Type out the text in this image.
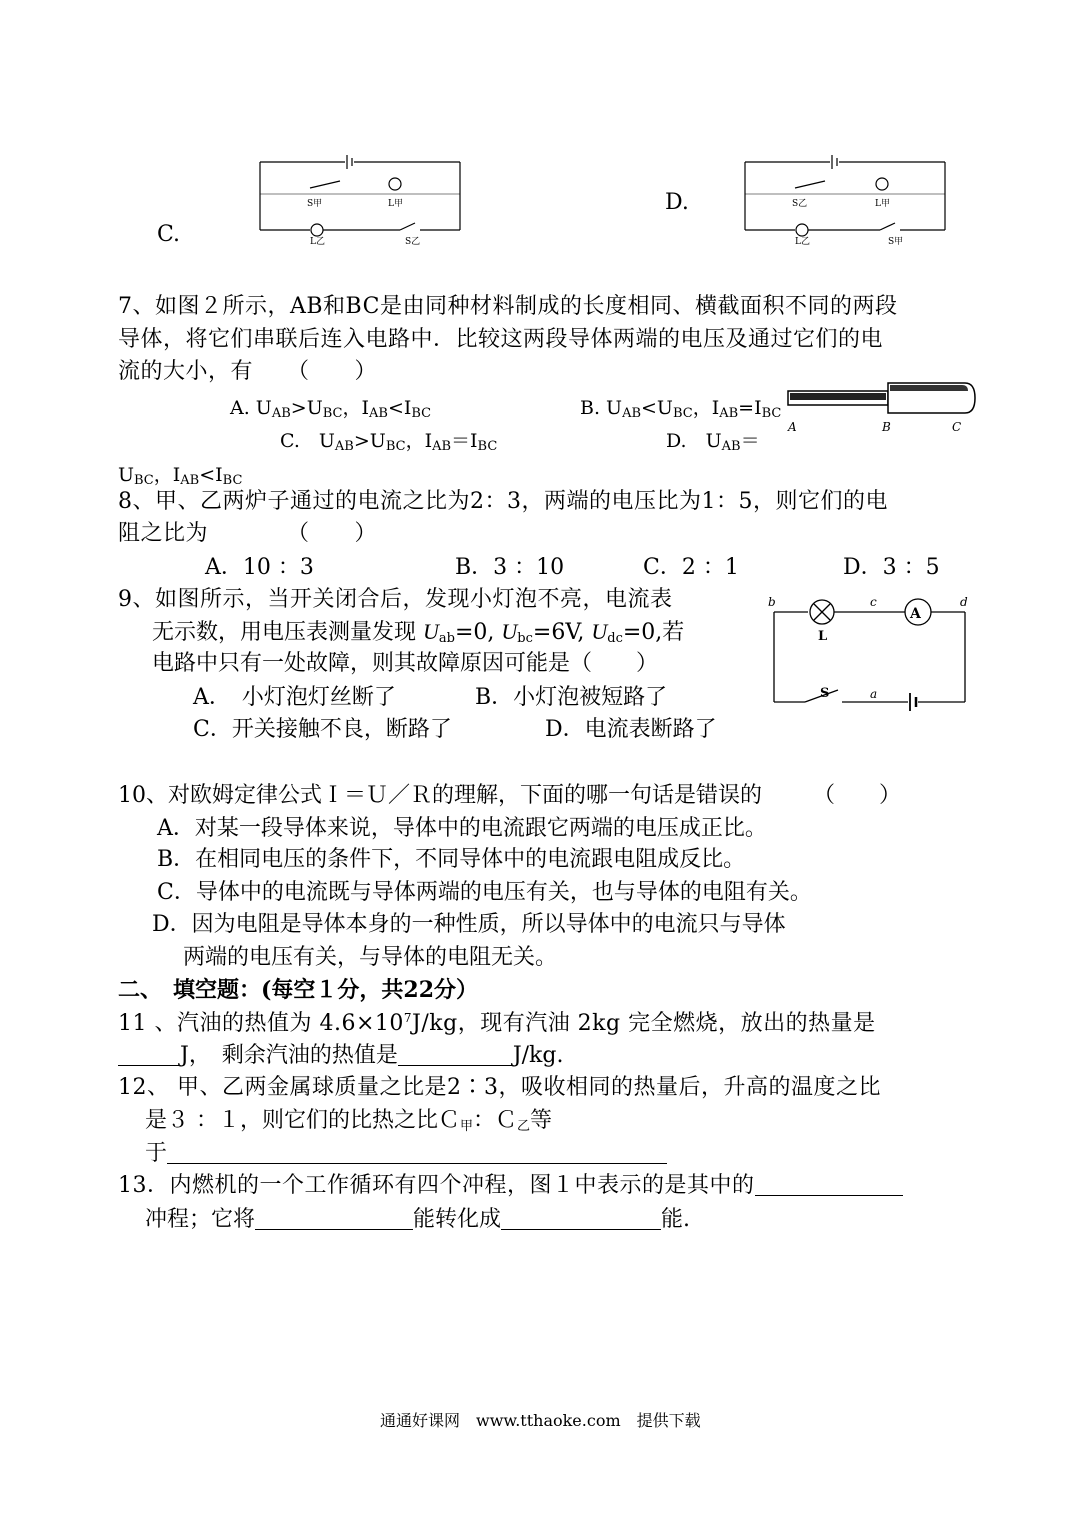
C.
S甲	L甲
L乙	S乙
D.	S乙	L甲
L乙	S甲
7、如图２所示，AB和BC是由同种材料制成的长度相同、横截面积不同的两段
导体，将它们串联后连入电路中．比较这两段导体两端的电压及通过它们的电
流的大小，有　　（　　）
A. UAB>UBC，IAB<IBC	B. UAB<UBC，IAB=IBC
C.　UAB>UBC，IAB＝IBC	D.　UAB＝
UBC，IAB<IBC
A	B	C
8、甲、乙两炉子通过的电流之比为2：3，两端的电压比为1：5，则它们的电
阻之比为　　　　（　　）
A．10 ：3	B．3 ：10	C．2 ：1	D．3 ：5
9、如图所示，当开关闭合后，发现小灯泡不亮，电流表
无示数，用电压表测量发现 Uab=0, Ubc=6V, Udc=0,若
电路中只有一处故障，则其故障原因可能是（　　）
A．　小灯泡灯丝断了	B．小灯泡被短路了
C．开关接触不良，断路了	D．电流表断路了
A
L
S
b	c	d
a
10、对欧姆定律公式Ｉ＝Ｕ／Ｒ的理解，下面的哪一句话是错误的　　 （　　）
A．对某一段导体来说，导体中的电流跟它两端的电压成正比。
B．在相同电压的条件下，不同导体中的电流跟电阻成反比。
C．导体中的电流既与导体两端的电压有关，也与导体的电阻有关。
D．因为电阻是导体本身的一种性质，所以导体中的电流只与导体
两端的电压有关，与导体的电阻无关。
二、　填空题：(每空１分，共22分）
11 、汽油的热值为 $4.6\times 10^7J/kg$，现有汽油 2kg 完全燃烧，放出的热量是
J，　剩余汽油的热值是	J/kg.
12、 甲、乙两金属球质量之比是2∶3，吸收相同的热量后，升高的温度之比
是３ ：１，则它们的比热之比Ｃ甲：Ｃ乙等
于
13．内燃机的一个工作循环有四个冲程，图１中表示的是其中的
冲程；它将	能转化成	能.
通通好课网　www.tthaoke.com　提供下载
